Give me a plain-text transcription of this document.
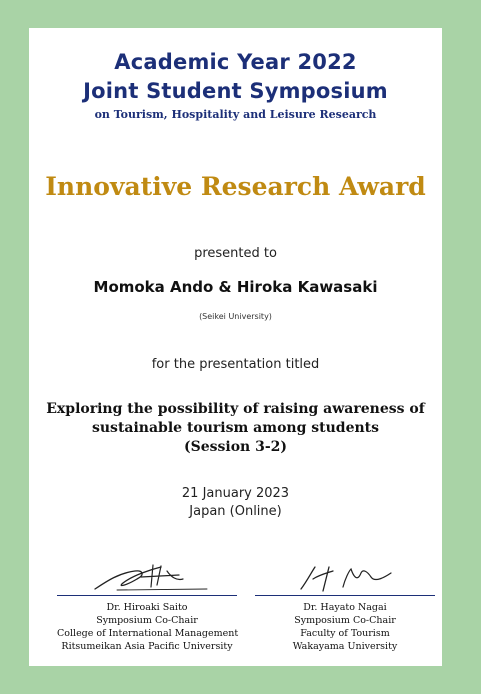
Academic Year 2022
Joint Student Symposium
on Tourism, Hospitality and Leisure Research
Innovative Research Award
presented to
Momoka Ando & Hiroka Kawasaki
(Seikei University)
for the presentation titled
Exploring the possibility of raising awareness of
sustainable tourism among students
(Session 3-2)
21 January 2023
Japan (Online)
Dr. Hiroaki Saito
Symposium Co-Chair
College of International Management
Ritsumeikan Asia Pacific University
Dr. Hayato Nagai
Symposium Co-Chair
Faculty of Tourism
Wakayama University
